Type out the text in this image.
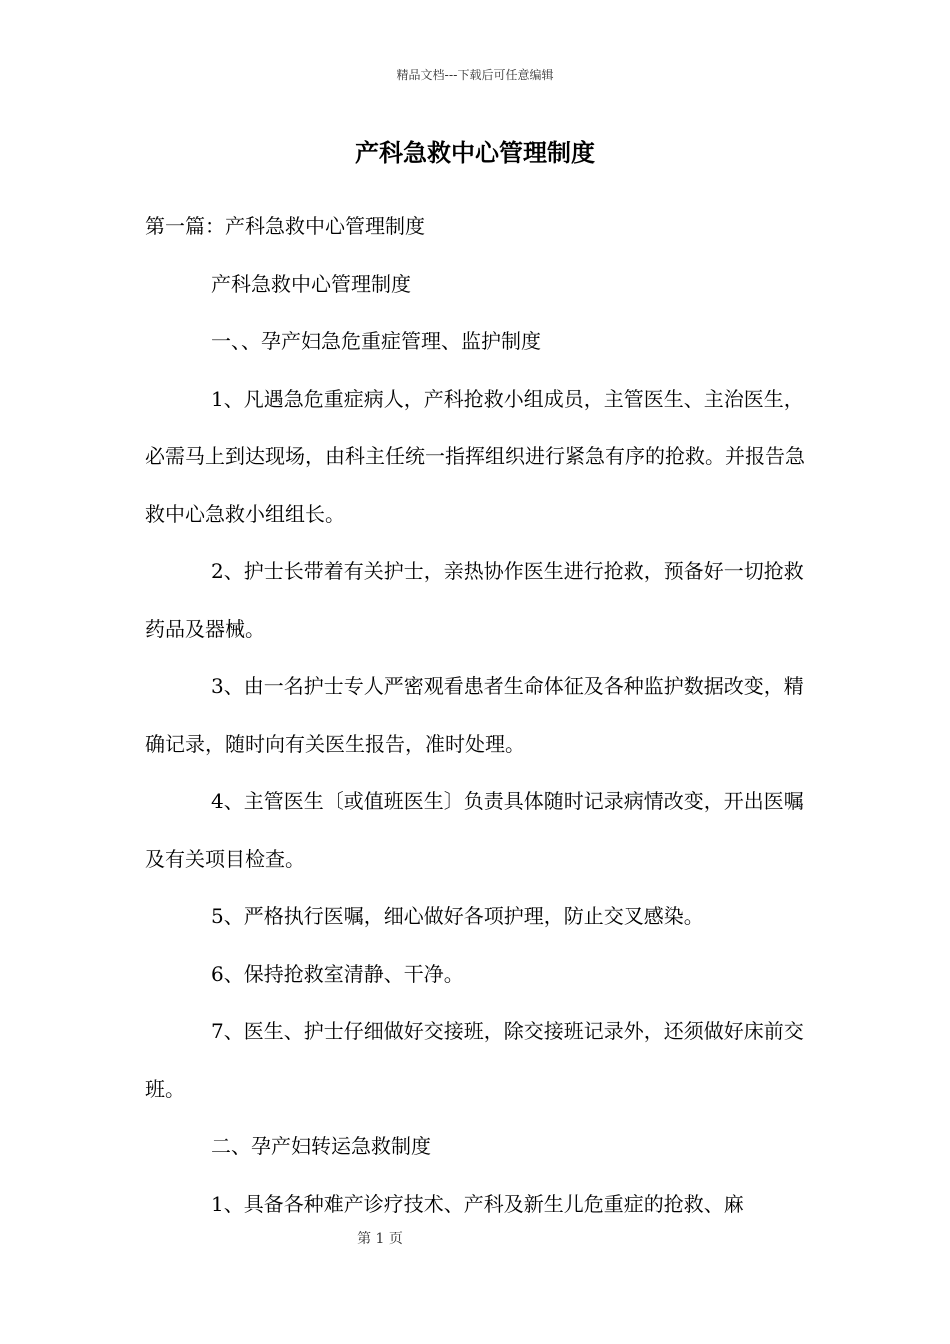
精品文档---下载后可任意编辑
产科急救中心管理制度

第一篇：产科急救中心管理制度

产科急救中心管理制度

一、、孕产妇急危重症管理、监护制度

1、凡遇急危重症病人，产科抢救小组成员，主管医生、主治医生，必需马上到达现场，由科主任统一指挥组织进行紧急有序的抢救。并报告急救中心急救小组组长。

2、护士长带着有关护士，亲热协作医生进行抢救，预备好一切抢救药品及器械。

3、由一名护士专人严密观看患者生命体征及各种监护数据改变，精确记录，随时向有关医生报告，准时处理。

4、主管医生〔或值班医生〕负责具体随时记录病情改变，开出医嘱及有关项目检查。

5、严格执行医嘱，细心做好各项护理，防止交叉感染。

6、保持抢救室清静、干净。

7、医生、护士仔细做好交接班，除交接班记录外，还须做好床前交班。

二、孕产妇转运急救制度

1、具备各种难产诊疗技术、产科及新生儿危重症的抢救、麻

第 1 页
